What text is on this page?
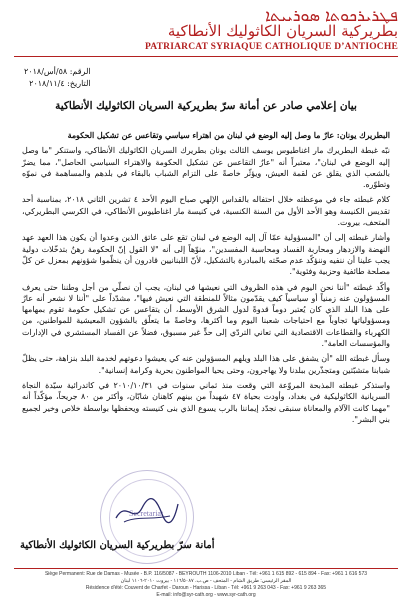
ܦܛܪܝܪܟܘܬܐ ܣܘܪܝܝܬܐ
بطريركية السريان الكاثوليك الأنطاكية
PATRIARCAT SYRIAQUE CATHOLIQUE D’ANTIOCHE
الرقم: ٥٨/أس/٢٠١٨
التاريخ: ٢٠١٨/١١/٤
بيان إعلامي صادر عن أمانة سرّ بطريركية السريان الكاثوليك الأنطاكية

البطريرك يونان: عارٌ ما وصل إليه الوضع في لبنان من اهتراء سياسي وتقاعس عن تشكيل الحكومة

نبّه غبطة البطريرك مار اغناطيوس يوسف الثالث يونان بطريرك السريان الكاثوليك الأنطاكي، واستنكر "ما وصل إليه الوضع في لبنان"، معتبراً أنه "عارٌ التقاعس عن تشكيل الحكومة والاهتراء السياسي الحاصل"، مما يضرّ بالشعب الذي يقلق عن لقمة العيش، ويؤثّر خاصةً على التزام الشباب بالبقاء في بلدهم والمساهمة في نموّه وتطوّره.

كلام غبطته جاء في موعظته خلال احتفاله بالقداس الإلهي صباح اليوم الأحد ٤ تشرين الثاني ٢٠١٨، بمناسبة أحد تقديس الكنيسة وهو الأحد الأول من السنة الكنسية، في كنيسة مار اغناطيوس الأنطاكي، في الكرسي البطريركي، المتحف، بيروت.

وأشار غبطته إلى أن "المسؤولية عمّا آل إليه الوضع في لبنان تقع على عاتق الذين وعدوا أن يكون هذا العهد عهد النهضة والازدهار ومحاربة الفساد ومحاسبة المفسدين"، منوّهاً إلى أنه "لا القول إنّ الحكومة رهنٌ بتدخّلات دولية يجب علينا أن ننفيه وننؤكّد عدم صحّته بالمبادرة بالتشكيل، لأنّ اللبنانيين قادرون أن ينظّموا شؤونهم بمعزل عن كلّ مصلحة طائفية وحزبية وفئوية".

وأكّد غبطته "أننا نحن اليوم في هذه الظروف التي نعيشها في لبنان، يجب أن نصلّي من أجل وطننا حتى يعرف المسؤولون عنه زمنياً أو سياسياً كيف يقدّمون مثالاً للمنطقة التي نعيش فيها"، مشدّداً على "أننا لا نشعر أنه عارٌ على هذا البلد الذي كان يُعتبر دوماً قدوةً لدول الشرق الأوسط، أن يتقاعس عن تشكيل حكومة تقوم بمهامها ومسؤولياتها تجاوباً مع احتياجات شعبنا اليوم وما أكثرها، وخاصةً ما يتعلّق بالشؤون المعيشية للمواطنين، من الكهرباء والقطاعات الاقتصادية التي تعاني التردّي إلى حدٍّ غير مسبوق، فضلاً عن الفساد المستشري في الإدارات والمؤسسات العامة".

وسأل غبطته الله "أن يشفق على هذا البلد ويلهم المسؤولين عنه كي يعيشوا دعوتهم لخدمة البلد بنزاهة، حتى يظلّ شبابنا متشبّثين ومتجذّرين ببلدنا ولا يهاجرون، وحتى يحيا المواطنون بحرية وكرامة إنسانية".

واستذكر غبطته المذبحة المروّعة التي وقعت منذ ثماني سنوات في ٢٠١٠/١٠/٣١ في كاتدرائية سيّدة النجاة السريانية الكاثوليكية في بغداد، وأودت بحياة ٤٧ شهيداً من بينهم كاهنان شابّان، وأكثر من ٨٠ جريحاً، مؤكّداً أنه "مهما كانت الآلام والمعاناة سنبقى نجدّد إيماننا بالرب يسوع الذي بنى كنيسته ويحفظها بواسطة خلاص وخير لجميع بني البشر".

Secretariat
أمانة سرّ بطريركية السريان الكاثوليك الأنطاكية
Siège Permanent: Rue de Damas - Musée - B.P. 116/5087 - BEYROUTH 1106-2010 Liban - Tél: +961 1 615 892 - 615 894 - Fax: +961 1 616 573
المقر الرئيسي: طريق الشام - المتحف - ص.ب. ١١٦/٥٠٨٧ - بيروت ٢٠١٠-١١٠٦ لبنان
Résidence d'été: Couvent de Charfet - Daroun - Harissa - Liban - Tél: +961 9 263 043 - Fax: +961 9 263 365
E-mail: info@syr-cath.org - www.syr-cath.org
